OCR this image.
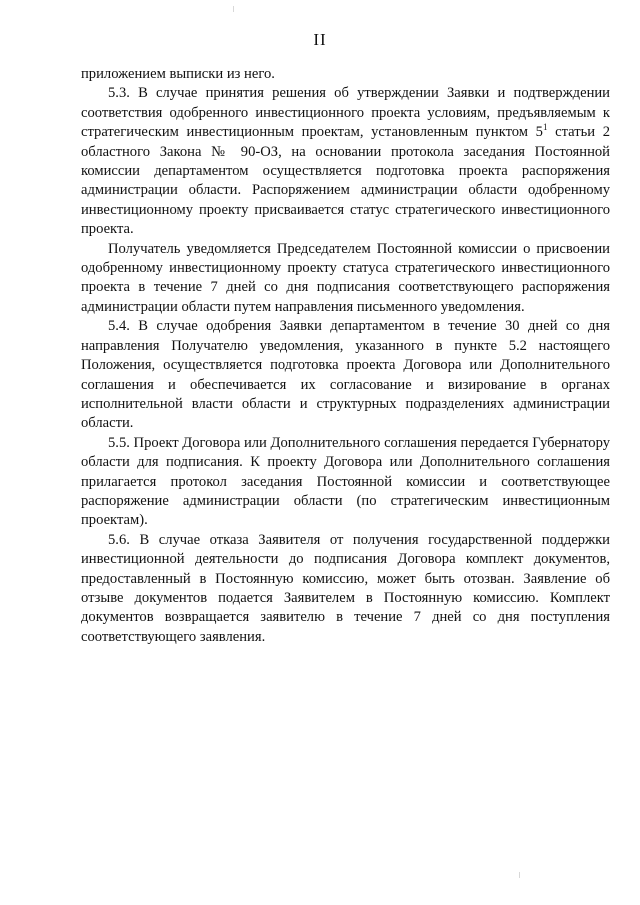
II

приложением выписки из него.

5.3. В случае принятия решения об утверждении Заявки и подтверждении соответствия одобренного инвестиционного проекта условиям, предъявляемым к стратегическим инвестиционным проектам, установленным пунктом $5^1$ статьи 2 областного Закона № 90-ОЗ, на основании протокола заседания Постоянной комиссии департаментом осуществляется подготовка проекта распоряжения администрации области. Распоряжением администрации области одобренному инвестиционному проекту присваивается статус стратегического инвестиционного проекта.

Получатель уведомляется Председателем Постоянной комиссии о присвоении одобренному инвестиционному проекту статуса стратегического инвестиционного проекта в течение 7 дней со дня подписания соответствующего распоряжения администрации области путем направления письменного уведомления.

5.4. В случае одобрения Заявки департаментом в течение 30 дней со дня направления Получателю уведомления, указанного в пункте 5.2 настоящего Положения, осуществляется подготовка проекта Договора или Дополнительного соглашения и обеспечивается их согласование и визирование в органах исполнительной власти области и структурных подразделениях администрации области.

5.5. Проект Договора или Дополнительного соглашения передается Губернатору области для подписания. К проекту Договора или Дополнительного соглашения прилагается протокол заседания Постоянной комиссии и соответствующее распоряжение администрации области (по стратегическим инвестиционным проектам).

5.6. В случае отказа Заявителя от получения государственной поддержки инвестиционной деятельности до подписания Договора комплект документов, предоставленный в Постоянную комиссию, может быть отозван. Заявление об отзыве документов подается Заявителем в Постоянную комиссию. Комплект документов возвращается заявителю в течение 7 дней со дня поступления соответствующего заявления.
